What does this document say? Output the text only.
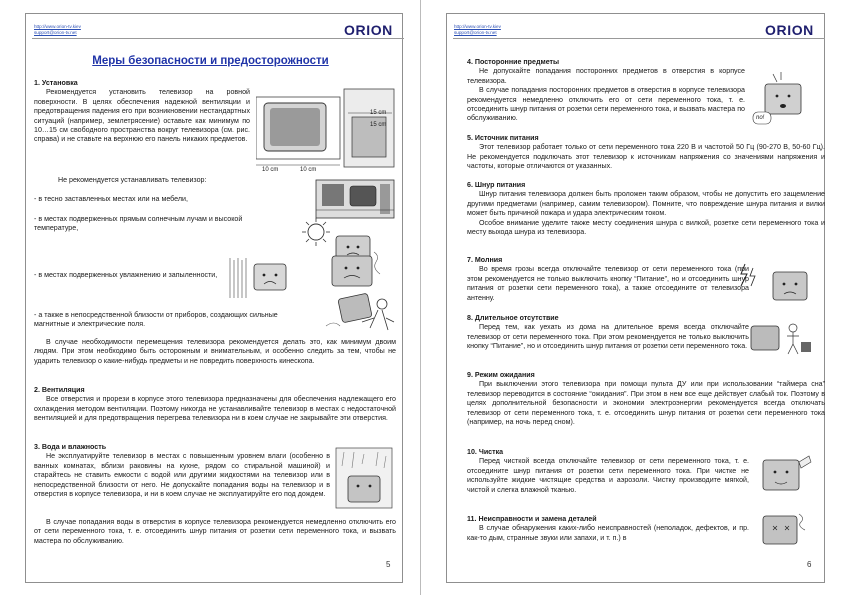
http://www.orion-tv.kiev
support@orion-tv.net	ORION
Меры безопасности и предосторожности
1. Установка
Рекомендуется установить телевизор на ровной поверхности. В целях обеспечения надежной вентиляции и предотвращения падения его при возникновении нестандартных ситуаций (например, землетрясение) оставьте как минимум по 10…15 см свободного пространства вокруг телевизора (см. рис. справа) и не ставьте на верхнюю его панель никаких предметов.
15 cm
15 cm
10 cm	10 cm
Не рекомендуется устанавливать телевизор:
- в тесно заставленных местах или на мебели,
- в местах подверженных прямым солнечным лучам и высокой температуре,
- в местах подверженных увлажнению и запыленности,
- а также в непосредственной близости от приборов, создающих сильные магнитные и электрические поля.
В случае необходимости перемещения телевизора рекомендуется делать это, как минимум двоим людям. При этом необходимо быть осторожным и внимательным, и особенно следить за тем, чтобы не ударить телевизор о какие-нибудь предметы и не повредить поверхность кинескопа.
2. Вентиляция
Все отверстия и прорези в корпусе этого телевизора предназначены для обеспечения надлежащего его охлаждения методом вентиляции. Поэтому никогда не устанавливайте телевизор в местах с недостаточной вентиляцией и для предотвращения перегрева телевизора ни в коем случае не закрывайте эти отверстия.
3. Вода и влажность
Не эксплуатируйте телевизор в местах с повышенным уровнем влаги (особенно в ванных комнатах, вблизи раковины на кухне, рядом со стиральной машиной) и старайтесь не ставить емкости с водой или другими жидкостями на телевизор или в непосредственной близости от него. Не допускайте попадания воды на телевизор и в отверстия в корпусе телевизора, и ни в коем случае не эксплуатируйте его под дождем.
В случае попадания воды в отверстия в корпусе телевизора рекомендуется немедленно отключить его от сети переменного тока, т. е. отсоединить шнур питания от розетки сети переменного тока, и вызвать мастера по обслуживанию.
5
http://www.orion-tv.kiev
support@orion-tv.net	ORION
4. Посторонние предметы
Не допускайте попадания посторонних предметов в отверстия в корпусе телевизора.
В случае попадания посторонних предметов в отверстия в корпусе телевизора рекомендуется немедленно отключить его от сети переменного тока, т. е. отсоединить шнур питания от розетки сети переменного тока, и вызвать мастера по обслуживанию.	no!
5. Источник питания
Этот телевизор работает только от сети переменного тока 220 В и частотой 50 Гц (90-270 В, 50-60 Гц). Не рекомендуется подключать этот телевизор к источникам напряжения со значениями напряжения и частоты, которые отличаются от указанных.
6. Шнур питания
Шнур питания телевизора должен быть проложен таким образом, чтобы не допустить его защемление другими предметами (например, самим телевизором). Помните, что повреждение шнура питания и вилки может быть причиной пожара и удара электрическим током.
Особое внимание уделите также месту соединения шнура с вилкой, розетке сети переменного тока и месту выхода шнура из телевизора.
7. Молния
Во время грозы всегда отключайте телевизор от сети переменного тока (при этом рекомендуется не только выключить кнопку “Питание”, но и отсоединить шнур питания от розетки сети переменного тока), а также отсоедините от телевизора антенну.
8. Длительное отсутствие
Перед тем, как уехать из дома на длительное время всегда отключайте телевизор от сети переменного тока. При этом рекомендуется не только выключить кнопку “Питание”, но и отсоединить шнур питания от розетки сети переменного тока.
9. Режим ожидания
При выключении этого телевизора при помощи пульта ДУ или при использовании “таймера сна” телевизор переводится в состояние “ожидания”. При этом в нем все еще действует слабый ток. Поэтому в целях дополнительной безопасности и экономии электроэнергии рекомендуется всегда отключать телевизор от сети переменного тока, т. е. отсоединить шнур питания от розетки сети переменного тока (например, на ночь перед сном).
10. Чистка
Перед чисткой всегда отключайте телевизор от сети переменного тока, т. е. отсоедините шнур питания от розетки сети переменного тока. При чистке не используйте жидкие чистящие средства и аэрозоли. Чистку производите мягкой, чистой и слегка влажной тканью.
11. Неисправности и замена деталей
В случае обнаружения каких-либо неисправностей (неполадок, дефектов, и пр. как-то дым, странные звуки или запахи, и т. п.) в
6
